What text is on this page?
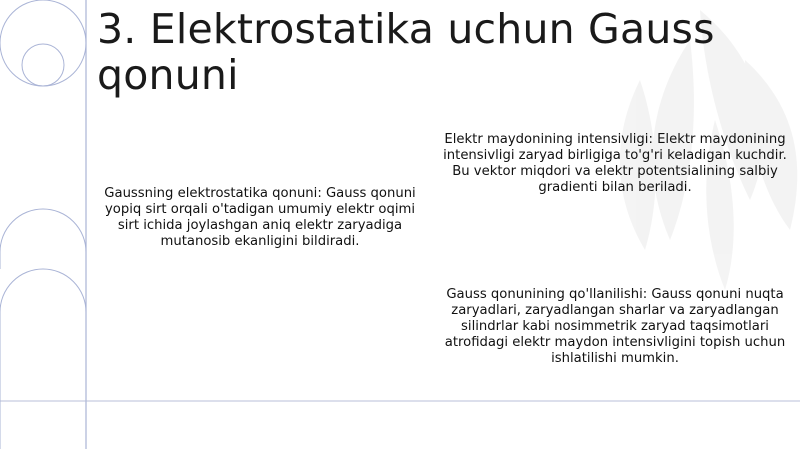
3. Elektrostatika uchun Gauss qonuni
Gaussning elektrostatika qonuni: Gauss qonuni yopiq sirt orqali o'tadigan umumiy elektr oqimi sirt ichida joylashgan aniq elektr zaryadiga mutanosib ekanligini bildiradi.
Elektr maydonining intensivligi: Elektr maydonining intensivligi zaryad birligiga to'g'ri keladigan kuchdir. Bu vektor miqdori va elektr potentsialining salbiy gradienti bilan beriladi.
Gauss qonunining qo'llanilishi: Gauss qonuni nuqta zaryadlari, zaryadlangan sharlar va zaryadlangan silindrlar kabi nosimmetrik zaryad taqsimotlari atrofidagi elektr maydon intensivligini topish uchun ishlatilishi mumkin.
